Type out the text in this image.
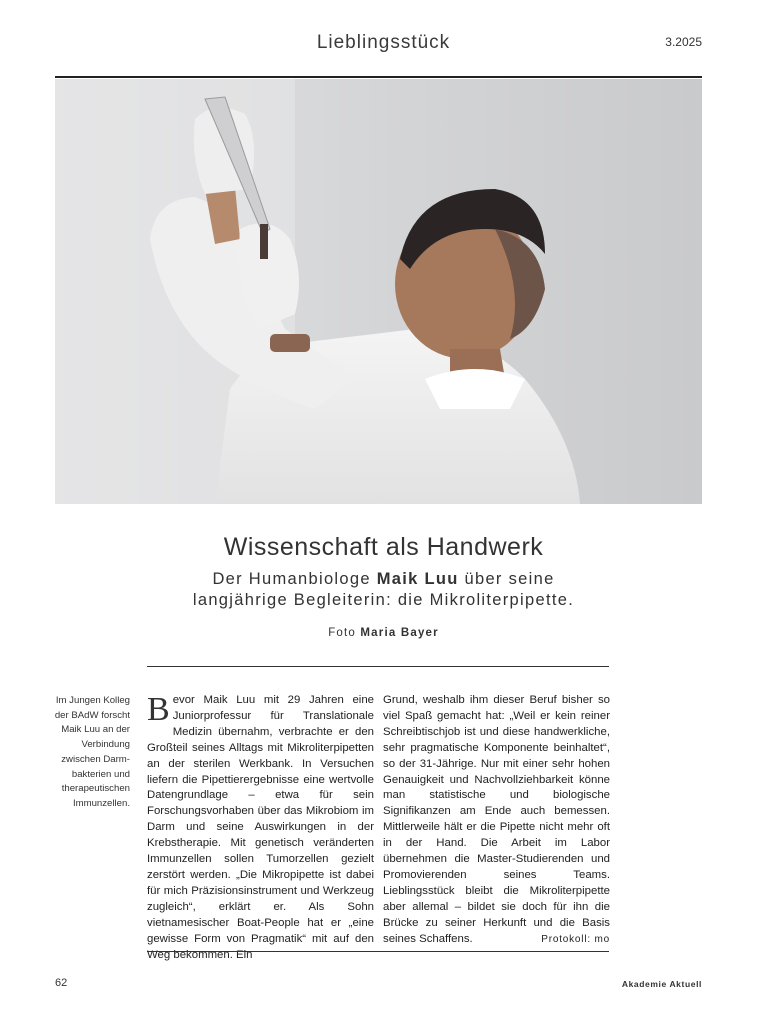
Lieblingsstück	3.2025
Wissenschaft als Handwerk
Der Humanbiologe Maik Luu über seine
langjährige Begleiterin: die Mikroliterpipette.
Foto Maria Bayer
Im Jungen Kolleg der BAdW forscht Maik Luu an der Verbindung zwischen Darm-bakterien und therapeutischen Immunzellen.
Bevor Maik Luu mit 29 Jahren eine Juniorprofessur für Translationale Medizin übernahm, verbrachte er den Großteil seines Alltags mit Mikroliterpipetten an der sterilen Werkbank. In Versuchen liefern die Pipettierergebnisse eine wertvolle Datengrundlage – etwa für sein Forschungsvorhaben über das Mikrobiom im Darm und seine Auswirkungen in der Krebstherapie. Mit genetisch veränderten Immunzellen sollen Tumorzellen gezielt zerstört werden. „Die Mikropipette ist dabei für mich Präzisionsinstrument und Werkzeug zugleich“, erklärt er. Als Sohn vietnamesischer Boat-People hat er „eine gewisse Form von Pragmatik“ mit auf den Weg bekommen. Ein
Grund, weshalb ihm dieser Beruf bisher so viel Spaß gemacht hat: „Weil er kein reiner Schreibtischjob ist und diese handwerkliche, sehr pragmatische Komponente beinhaltet“, so der 31-Jährige. Nur mit einer sehr hohen Genauigkeit und Nachvollziehbarkeit könne man statistische und biologische Signifikanzen am Ende auch bemessen. Mittlerweile hält er die Pipette nicht mehr oft in der Hand. Die Arbeit im Labor übernehmen die Master-Studierenden und Promovierenden seines Teams. Lieblingsstück bleibt die Mikroliterpipette aber allemal – bildet sie doch für ihn die Brücke zu seiner Herkunft und die Basis seines Schaffens.	Protokoll: mo
62	Akademie Aktuell
